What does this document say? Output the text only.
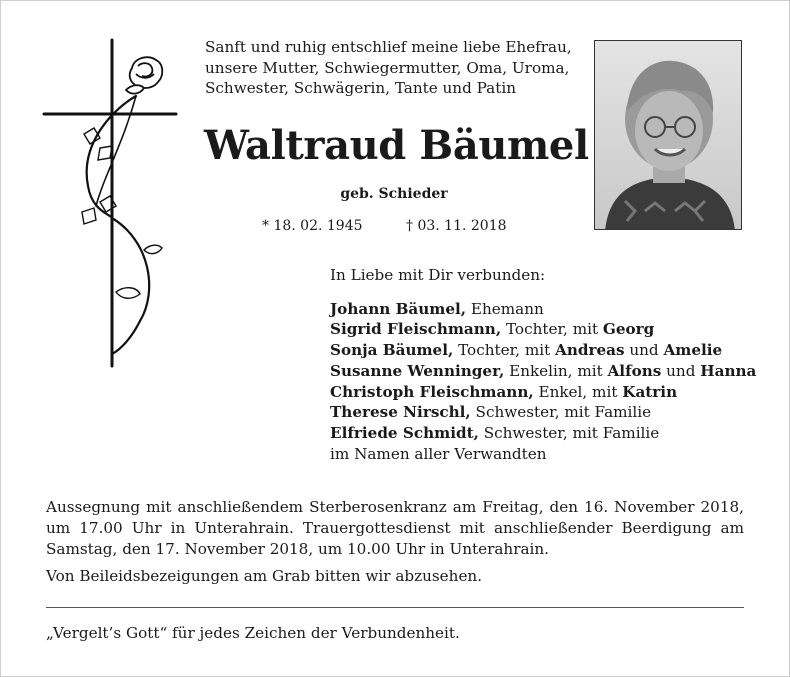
Sanft und ruhig entschlief meine liebe Ehefrau,
unsere Mutter, Schwiegermutter, Oma, Uroma,
Schwester, Schwägerin, Tante und Patin
Waltraud Bäumel
geb. Schieder
* 18. 02. 1945	† 03. 11. 2018
In Liebe mit Dir verbunden:
Johann Bäumel, Ehemann
Sigrid Fleischmann, Tochter, mit Georg
Sonja Bäumel, Tochter, mit Andreas und Amelie
Susanne Wenninger, Enkelin, mit Alfons und Hanna
Christoph Fleischmann, Enkel, mit Katrin
Therese Nirschl, Schwester, mit Familie
Elfriede Schmidt, Schwester, mit Familie
im Namen aller Verwandten

Aussegnung mit anschließendem Sterberosenkranz am Freitag, den 16. November 2018, um 17.00 Uhr in Unterahrain. Trauergottesdienst mit anschließender Beerdigung am Samstag, den 17. November 2018, um 10.00 Uhr in Unterahrain.

Von Beileidsbezeigungen am Grab bitten wir abzusehen.

„Vergelt’s Gott“ für jedes Zeichen der Verbundenheit.
